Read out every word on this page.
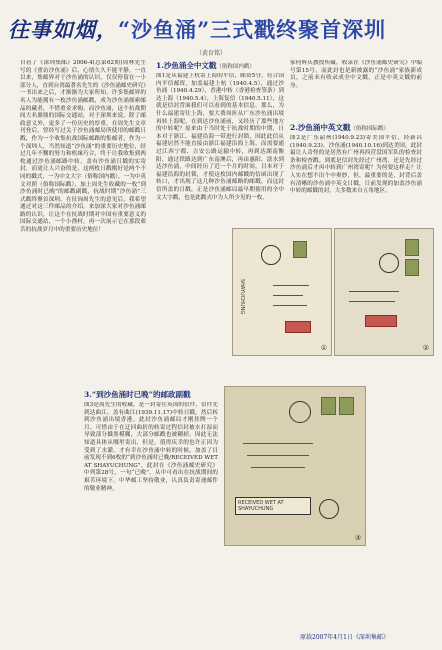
往事如烟，“沙鱼涌”三式戳终聚首深圳
（黄育铭）
自看了《深圳集邮》2006-4(总第62期)周林先生写的《重访沙鱼涌》后，心情久久不能平静，一直以来，集邮界对于沙鱼涌的认识，仅仅停留在一小部分人，直到台湾最著名先生的《沙鱼涌邮史研究》一书出来之后，才渐渐为大家所知。许多集邮界的名人为能拥有一枚沙鱼涌邮戳，成为沙鱼涌探索邮品的藏者，不惜重金求购。而沙鱼涌，这个抗战期间大名鼎鼎的国际交通站，对于深圳来说，除了邮政意义外，更多了一份历史的厚重。在周先生文章刊登后，曾经写过关于沙鱼涌邮局所使用的邮戳日戳，作为一个收集抗战国际邮路的集邮者，作为一个深圳人，当然知道“沙鱼涌”的重要历史地位，经过几年不懈的努力和机缘巧合，终于让我收集到两枚通过沙鱼涌邮路中转，盖有沙鱼涌日戳的实寄封，而更让人兴奋的是，这两枚日戳刚好是两个不同的戳式，一为中文大字（俗称国内戳），一为中英文对照（俗称国际戳），加上周先生收藏的一枚“到沙鱼涌时已晚”的邮戳副戳，抗战时期“沙鱼涌”三式戳终聚首深圳。在征询周先生的意见后，我希望通过对这三件邮品的介绍，来加深大家对沙鱼涌邮路的认识，让这个在抗战时期对中国有重要意义的国际交通站，一个小渔村，再一次展示它在那段艰苦的抗战岁月中的重要历史地位！
1.沙鱼涌全中文戳（俗称国内戳）
图1是从福建上杭寄上海的平信，邮资5分，符合国内平信邮资，加盖福建上杭（1940.4.5），通过沙鱼涌（1940.4.29），香港中转（香港检查签条）到达上海（1940.5.4），上海复信（1940.5.11），这就是信封背面我们可以看到的基本信息。那么，为什么福建寄往上海，要大费周折从广东沙鱼涌出境再转上海呢，在到达沙鱼涌前，又经历了那些地方的中转呢？原来由于当时处于抗战时期的中期，日本对于浙江、福建沿海一带进行封锁，因此此信从福建居然不能直接由浙江福建沿海上海，而需要通过江西宁都、吉安公路运输中转，再到达湖南衡阳，通过铁路达到广东南澳后，再由惠阳、淡水到达沙鱼涌，中间经历了近一个月的时间，日本对于福建沿海的封锁，才使这枚国内邮戳的信函出现了转口，才出现了这几种沙鱼涌邮路的邮戳。而这封信所盖的日戳，正是沙鱼涌邮局最早期使用的全中文大字戳，也是此戳式中为人所少见的一枚。
家何辉庆教授所藏，收录在《沙鱼涌邮史研究》中编号第15号，而此封也是新披露的“沙鱼涌”家族新成员，之前未有收录成全中文戳，正是中英文戳的前身。
2.沙鱼涌中英文戳（俗称国际戳）
图2是广东韶州(1940.9.23)寄美国平信，经新昌(1940.9.23)、沙鱼涌(1940.10.16)到达美国，此封最让人奇怪的是居然有广州再西营盘国军队的检查封条和检查戳。到底是信封先经过广州湾，还是先经过沙鱼涌后才再中转到广州湾寄呢？为何要这样走？让人实在想不出个中奥妙，但，最重要的是，封背后盖有清晰的沙鱼涌中英文日戳，日前发现的加盖沙鱼涌中转的邮戳的封，大多数来自五角地区。
SHAYUCHUNG
①	②
3.“到沙鱼涌时已晚”的邮政副戳
图3是周先生的收藏，是一封寄往英国的信件，信件先到达曲江，盖有曲江(1939.11.17)中转日戳，然后转到沙鱼涌出境香港。此封沙鱼涌邮局才刚挂牌一个月。可惜由于在迂回曲折的转寄过程信封被水打湿而导致部分戳墨模糊，大部分邮戳也被糊掉，因此无法知道具体从哪里寄出，但是，值得庆幸的也许正因为受到了水灌，才有幸在沙鱼涌中转的时候，加盖了目前发现不到6枚的“到沙鱼涌时已晚/RECEIVED WET AT SHAYUCHUNG”，此封在《沙鱼涌邮史研究》中列第28号，一句“已晚”，从中可看出在抗战期间的艰苦环境下，中华邮工坚持敬业，认真负责寄递邮件的敬业精神。
RECEIVED WET AT SHAYUCHUNG
③
原载2007年4月1日《深圳集邮》
